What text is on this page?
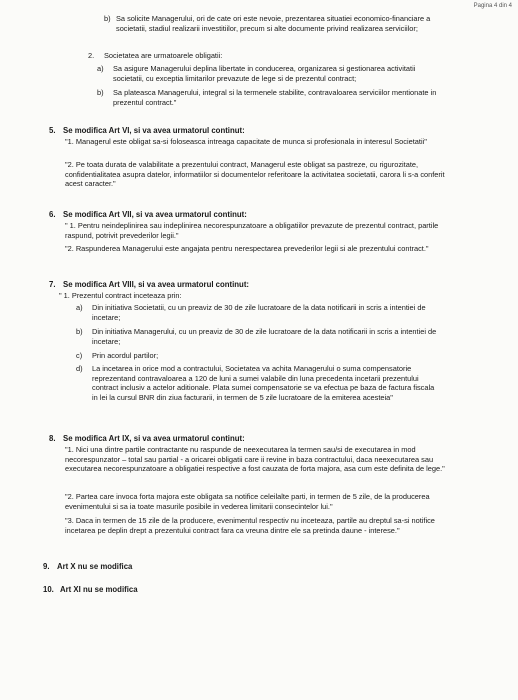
Pagina 4 din 4
b) Sa solicite Managerului, ori de cate ori este nevoie, prezentarea situatiei economico-financiare a societatii, stadiul realizarii investitiilor, precum si alte documente privind realizarea serviciilor;
2. Societatea are urmatoarele obligatii:
a) Sa asigure Managerului deplina libertate in conducerea, organizarea si gestionarea activitatii societatii, cu exceptia limitarilor prevazute de lege si de prezentul contract;
b) Sa plateasca Managerului, integral si la termenele stabilite, contravaloarea serviciilor mentionate in prezentul contract."
5. Se modifica Art VI, si va avea urmatorul continut:
"1. Managerul este obligat sa-si foloseasca intreaga capacitate de munca si profesionala in interesul Societatii"
"2. Pe toata durata de valabilitate a prezentului contract, Managerul este obligat sa pastreze, cu rigurozitate, confidentialitatea asupra datelor, informatiilor si documentelor referitoare la activitatea societatii, carora li s-a conferit acest caracter."
6. Se modifica Art VII, si va avea urmatorul continut:
" 1. Pentru neindeplinirea sau indeplinirea necorespunzatoare a obligatiilor prevazute de prezentul contract, partile raspund, potrivit prevederilor legii."
"2. Raspunderea Managerului este angajata pentru nerespectarea prevederilor legii si ale prezentului contract."
7. Se modifica Art VIII, si va avea urmatorul continut:
" 1. Prezentul contract inceteaza prin:
a) Din initiativa Societatii, cu un preaviz de 30 de zile lucratoare de la data notificarii in scris a intentiei de incetare;
b) Din initiativa Managerului, cu un preaviz de 30 de zile lucratoare de la data notificarii in scris a intentiei de incetare;
c) Prin acordul partilor;
d) La incetarea in orice mod a contractului, Societatea va achita Managerului o suma compensatorie reprezentand contravaloarea a 120 de luni a sumei valabile din luna precedenta incetarii prezentului contract inclusiv a actelor aditionale. Plata sumei compensatorie se va efectua pe baza de factura fiscala in lei la cursul BNR din ziua facturarii, in termen de 5 zile lucratoare de la emiterea acesteia"
8. Se modifica Art IX, si va avea urmatorul continut:
"1. Nici una dintre partile contractante nu raspunde de neexecutarea la termen sau/si de executarea in mod necorespunzator – total sau partial - a oricarei obligatii care ii revine in baza contractului, daca neexecutarea sau executarea necorespunzatoare a obligatiei respective a fost cauzata de forta majora, asa cum este definita de lege."
"2. Partea care invoca forta majora este obligata sa notifice celeilalte parti, in termen de 5 zile, de la producerea evenimentului si sa ia toate masurile posibile in vederea limitarii consecintelor lui."
"3. Daca in termen de 15 zile de la producere, evenimentul respectiv nu inceteaza, partile au dreptul sa-si notifice incetarea pe deplin drept a prezentului contract fara ca vreuna dintre ele sa pretinda daune - interese."
9. Art X nu se modifica
10. Art XI nu se modifica
